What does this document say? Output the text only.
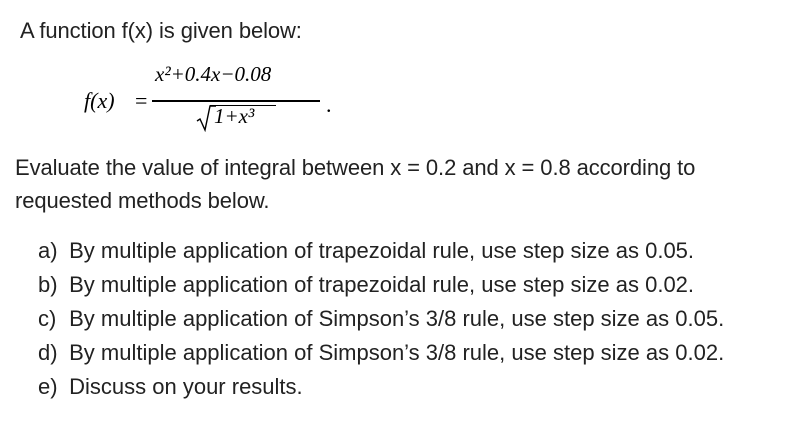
A function f(x) is given below:
f(x) =
x²+0.4x−0.08
1+x³	.
Evaluate the value of integral between x = 0.2 and x = 0.8 according to
requested methods below.
a) By multiple application of trapezoidal rule, use step size as 0.05.
b) By multiple application of trapezoidal rule, use step size as 0.02.
c) By multiple application of Simpson’s 3/8 rule, use step size as 0.05.
d) By multiple application of Simpson’s 3/8 rule, use step size as 0.02.
e) Discuss on your results.
